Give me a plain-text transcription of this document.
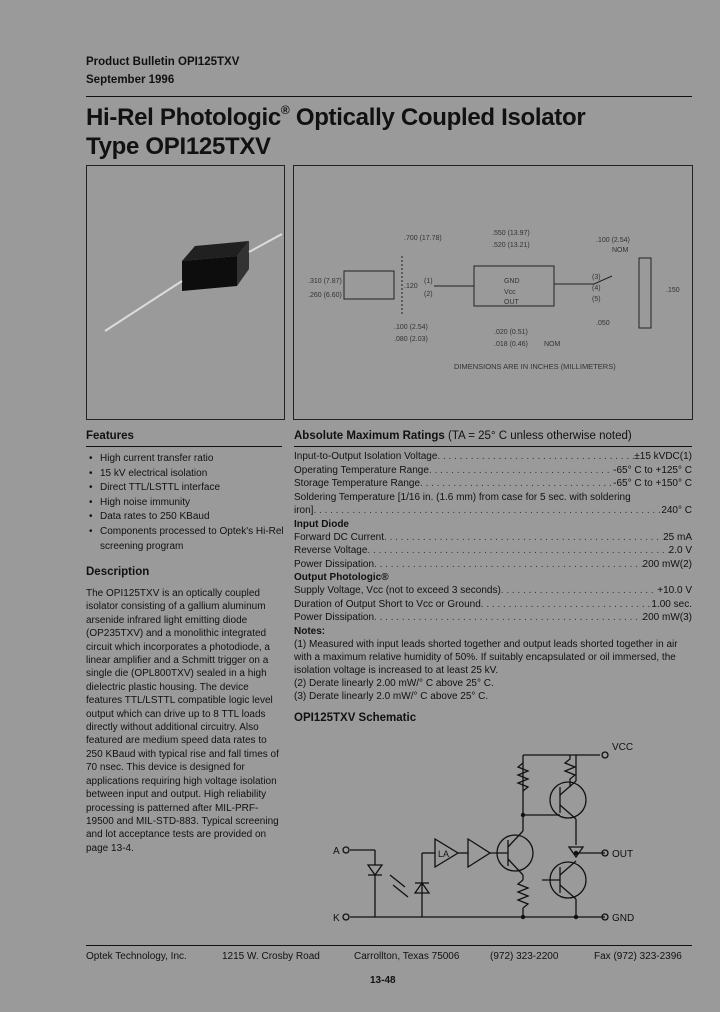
Product Bulletin OPI125TXV
September 1996
Hi-Rel Photologic® Optically Coupled Isolator
Type OPI125TXV
.700 (17.78)
.550 (13.97)
.520 (13.21)
.310 (7.87)
.260 (6.60)
.120
.100 (2.54)
.080 (2.03)
.100 (2.54)
NOM
.050
.020 (0.51)
.018 (0.46) NOM
.150
GND
Vcc
OUT
(1)
(2)
(3)
(4)
(5)
DIMENSIONS ARE IN INCHES (MILLIMETERS)
Features
• High current transfer ratio
• 15 kV electrical isolation
• Direct TTL/LSTTL interface
• High noise immunity
• Data rates to 250 KBaud
• Components processed to Optek's Hi-Rel screening program
Description
The OPI125TXV is an optically coupled isolator consisting of a gallium aluminum arsenide infrared light emitting diode (OP235TXV) and a monolithic integrated circuit which incorporates a photodiode, a linear amplifier and a Schmitt trigger on a single die (OPL800TXV) sealed in a high dielectric plastic housing. The device features TTL/LSTTL compatible logic level output which can drive up to 8 TTL loads directly without additional circuitry. Also featured are medium speed data rates to 250 KBaud with typical rise and fall times of 70 nsec. This device is designed for applications requiring high voltage isolation between input and output. High reliability processing is patterned after MIL-PRF-19500 and MIL-STD-883. Typical screening and lot acceptance tests are provided on page 13-4.
Absolute Maximum Ratings (TA = 25° C unless otherwise noted)
Input-to-Output Isolation Voltage . . .	±15 kVDC(1)
Operating Temperature Range . . .	-65° C to +125° C
Storage Temperature Range . . .	-65° C to +150° C
Soldering Temperature [1/16 in. (1.6 mm) from case for 5 sec. with soldering
iron] . . .	240° C
Input Diode
Forward DC Current . . .	25 mA
Reverse Voltage . . .	2.0 V
Power Dissipation . . .	200 mW(2)
Output Photologic®
Supply Voltage, Vcc (not to exceed 3 seconds) . . .	+10.0 V
Duration of Output Short to Vcc or Ground . . .	1.00 sec.
Power Dissipation . . .	200 mW(3)
Notes:
(1) Measured with input leads shorted together and output leads shorted together in air with a maximum relative humidity of 50%. If suitably encapsulated or oil immersed, the isolation voltage is increased to at least 25 kV.
(2) Derate linearly 2.00 mW/° C above 25° C.
(3) Derate linearly 2.0 mW/° C above 25° C.
OPI125TXV Schematic
LA
VCC
OUT
GND
A
K
Optek Technology, Inc.	1215 W. Crosby Road	Carrollton, Texas 75006	(972) 323-2200	Fax (972) 323-2396
13-48
